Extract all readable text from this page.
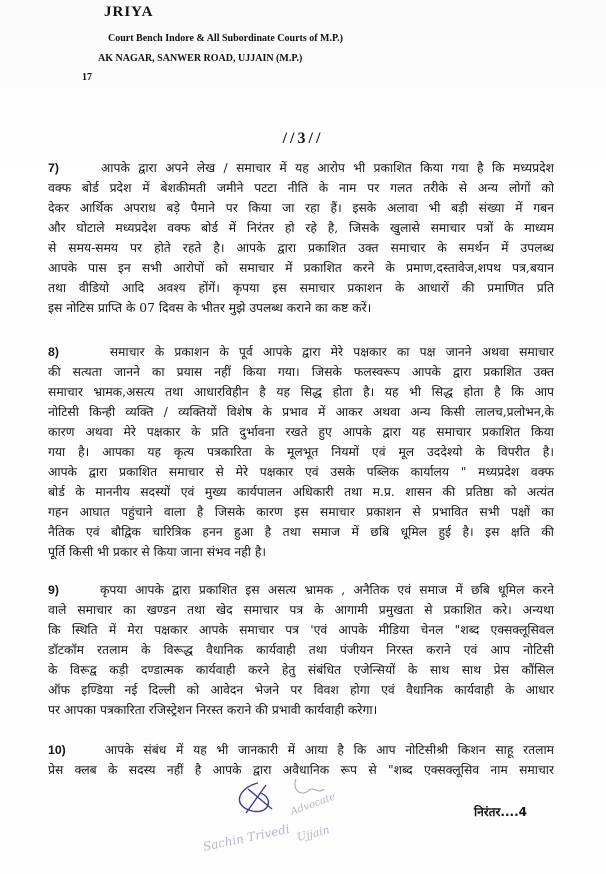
JRIYA
Court Bench Indore & All Subordinate Courts of M.P.)
AK NAGAR, SANWER ROAD, UJJAIN (M.P.)
17
//3//
7)	आपके द्वारा अपने लेख / समाचार में यह आरोप भी प्रकाशित किया गया है कि मध्यप्रदेश
वक्फ बोर्ड प्रदेश में बेशकीमती जमीने पटटा नीति के नाम पर गलत तरीके से अन्य लोगों को
देकर आर्थिक अपराध बड़े पैमाने पर किया जा रहा हैं। इसके अलावा भी बड़ी संख्या में गबन
और घोटाले मध्यप्रदेश वक्फ बोर्ड में निरंतर हो रहे है, जिसके खुलासे समाचार पत्रों के माध्यम
से समय-समय पर होते रहते है। आपके द्वारा प्रकाशित उक्त समाचार के समर्थन में उपलब्ध
आपके पास इन सभी आरोपों को समाचार में प्रकाशित करने के प्रमाण,दस्तावेज,शपथ पत्र,बयान
तथा वीडियो आदि अवश्य होंगें। कृपया इस समाचार प्रकाशन के आधारों की प्रमाणित प्रति
इस नोटिस प्राप्ति के 07 दिवस के भीतर मुझे उपलब्ध कराने का कष्ट करें।
8)	समाचार के प्रकाशन के पूर्व आपके द्वारा मेरे पक्षकार का पक्ष जानने अथवा समाचार
की सत्यता जानने का प्रयास नहीं किया गया। जिसके फलस्वरूप आपके द्वारा प्रकाशित उक्त
समाचार भ्रामक,असत्य तथा आधारविहीन है यह सिद्ध होता है। यह भी सिद्ध होता है कि आप
नोटिसी किन्ही व्यक्ति / व्यक्तियों विशेष के प्रभाव में आकर अथवा अन्य किसी लालच,प्रलोभन,के
कारण अथवा मेरे पक्षकार के प्रति दुर्भावना रखते हुए आपके द्वारा यह समाचार प्रकाशित किया
गया है। आपका यह कृत्य पत्रकारिता के मूलभूत नियमों एवं मूल उददेश्यो के विपरीत है।
आपके द्वारा प्रकाशित समाचार से मेरे पक्षकार एवं उसके पब्लिक कार्यालय " मध्यप्रदेश वक्फ
बोर्ड के माननीय सदस्यों एवं मुख्य कार्यपालन अधिकारी तथा म.प्र. शासन की प्रतिष्ठा को अत्यंत
गहन आघात पहुंचाने वाला है जिसके कारण इस समाचार प्रकाशन से प्रभावित सभी पक्षों का
नैतिक एवं बौद्विक चारित्रिक हनन हुआ है तथा समाज में छबि धूमिल हुई है। इस क्षति की
पूर्ति किसी भी प्रकार से किया जाना संभव नही है।
9)	कृपया आपके द्वारा प्रकाशित इस असत्य भ्रामक , अनैतिक एवं समाज में छबि धूमिल करने
वाले समाचार का खण्डन तथा खेद समाचार पत्र के आगामी प्रमुखता से प्रकाशित करे। अन्यथा
कि स्थिति में मेरा पक्षकार आपके समाचार पत्र 'एवं आपके मीडिया चेनल "शब्द एक्सक्लूसिवल
डॉटकॉम रतलाम के विरूद्ध वैधानिक कार्यवाही तथा पंजीयन निरस्त कराने एवं आप नोटिसी
के विरूद्व कड़ी दण्डात्मक कार्यवाही करने हेतु संबंधित एजेन्सियों के साथ साथ प्रेस कौंसिल
ऑफ इण्डिया नई दिल्ली को आवेदन भेजने पर विवश होगा एवं वैधानिक कार्यवाही के आधार
पर आपका पत्रकारिता रजिस्ट्रेशन निरस्त कराने की प्रभावी कार्यवाही करेगा।
10)	आपके संबंध में यह भी जानकारी में आया है कि आप नोटिसीश्री किशन साहू रतलाम
प्रेस क्लब के सदस्य नहीं है आपके द्वारा अवैधानिक रूप से "शब्द एक्सक्लूसिव नाम समाचार
Sachin Trivedi
Advocate
Ujjain
निरंतर....4
